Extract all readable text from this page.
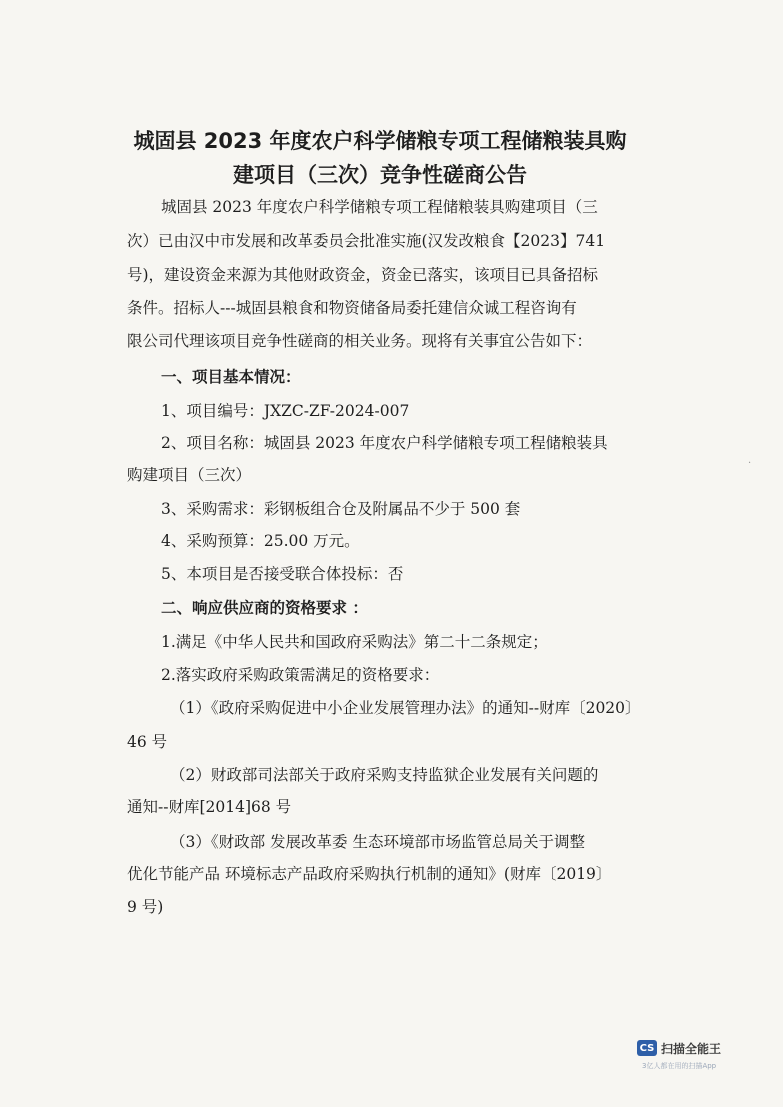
城固县 2023 年度农户科学储粮专项工程储粮装具购
建项目（三次）竞争性磋商公告
城固县 2023 年度农户科学储粮专项工程储粮装具购建项目（三
次）已由汉中市发展和改革委员会批准实施(汉发改粮食【2023】741
号)，建设资金来源为其他财政资金，资金已落实，该项目已具备招标
条件。招标人---城固县粮食和物资储备局委托建信众诚工程咨询有
限公司代理该项目竞争性磋商的相关业务。现将有关事宜公告如下：
一、项目基本情况：
1、项目编号：JXZC-ZF-2024-007
2、项目名称：城固县 2023 年度农户科学储粮专项工程储粮装具
购建项目（三次）
3、采购需求：彩钢板组合仓及附属品不少于 500 套
4、采购预算：25.00 万元。
5、本项目是否接受联合体投标：否
二、响应供应商的资格要求 ：
1.满足《中华人民共和国政府采购法》第二十二条规定；
2.落实政府采购政策需满足的资格要求：
（1）《政府采购促进中小企业发展管理办法》的通知--财库〔2020〕
46 号
（2）财政部司法部关于政府采购支持监狱企业发展有关问题的
通知--财库[2014]68 号
（3）《财政部 发展改革委 生态环境部市场监管总局关于调整
优化节能产品 环境标志产品政府采购执行机制的通知》(财库〔2019〕
9 号)
·
CS 扫描全能王
3亿人都在用的扫描App
